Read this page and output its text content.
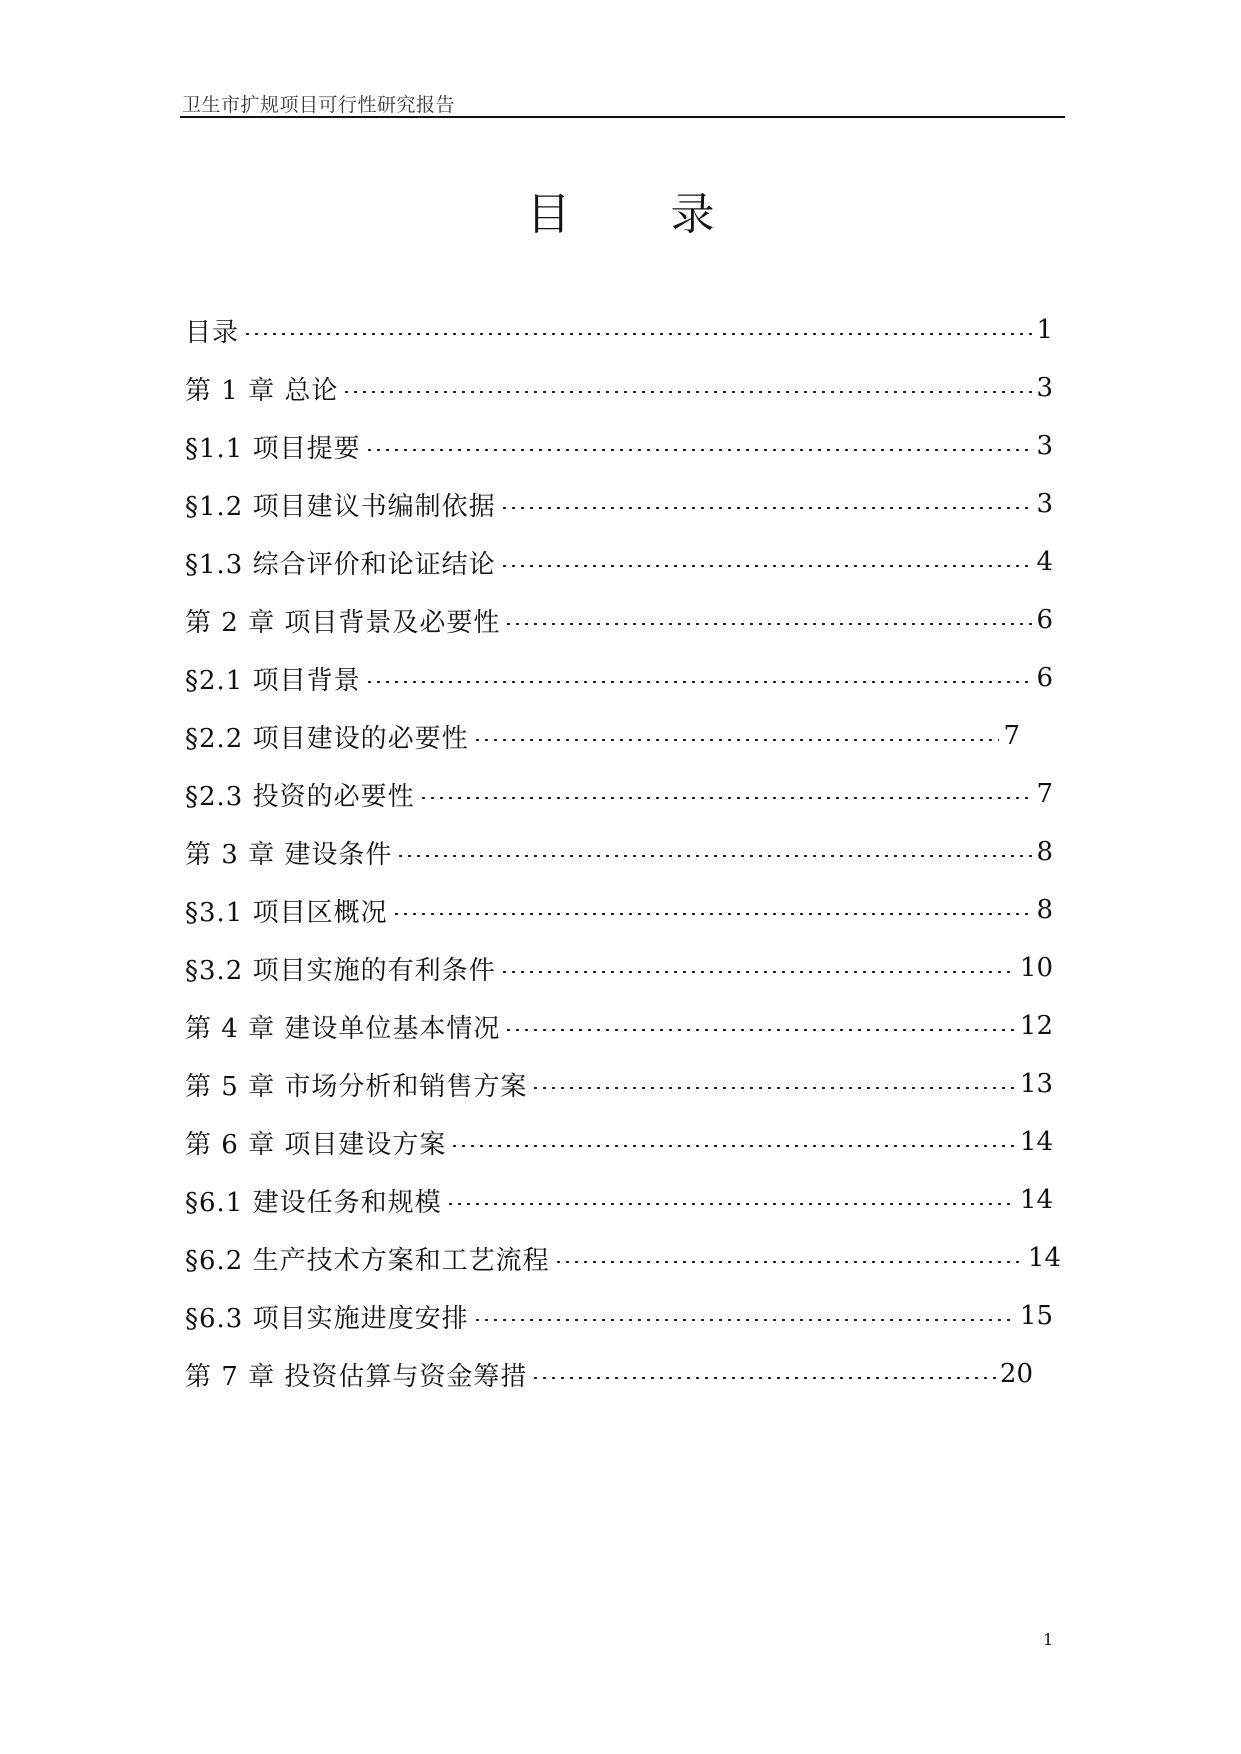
卫生市扩规项目可行性研究报告
目录
目录	1
第 1 章 总论	3
§1.1 项目提要	3
§1.2 项目建议书编制依据	3
§1.3 综合评价和论证结论	4
第 2 章 项目背景及必要性	6
§2.1 项目背景	6
§2.2 项目建设的必要性	7
§2.3 投资的必要性	7
第 3 章 建设条件	8
§3.1 项目区概况	8
§3.2 项目实施的有利条件	10
第 4 章 建设单位基本情况	12
第 5 章 市场分析和销售方案	13
第 6 章 项目建设方案	14
§6.1 建设任务和规模	14
§6.2 生产技术方案和工艺流程	14
§6.3 项目实施进度安排	15
第 7 章 投资估算与资金筹措	20
1
